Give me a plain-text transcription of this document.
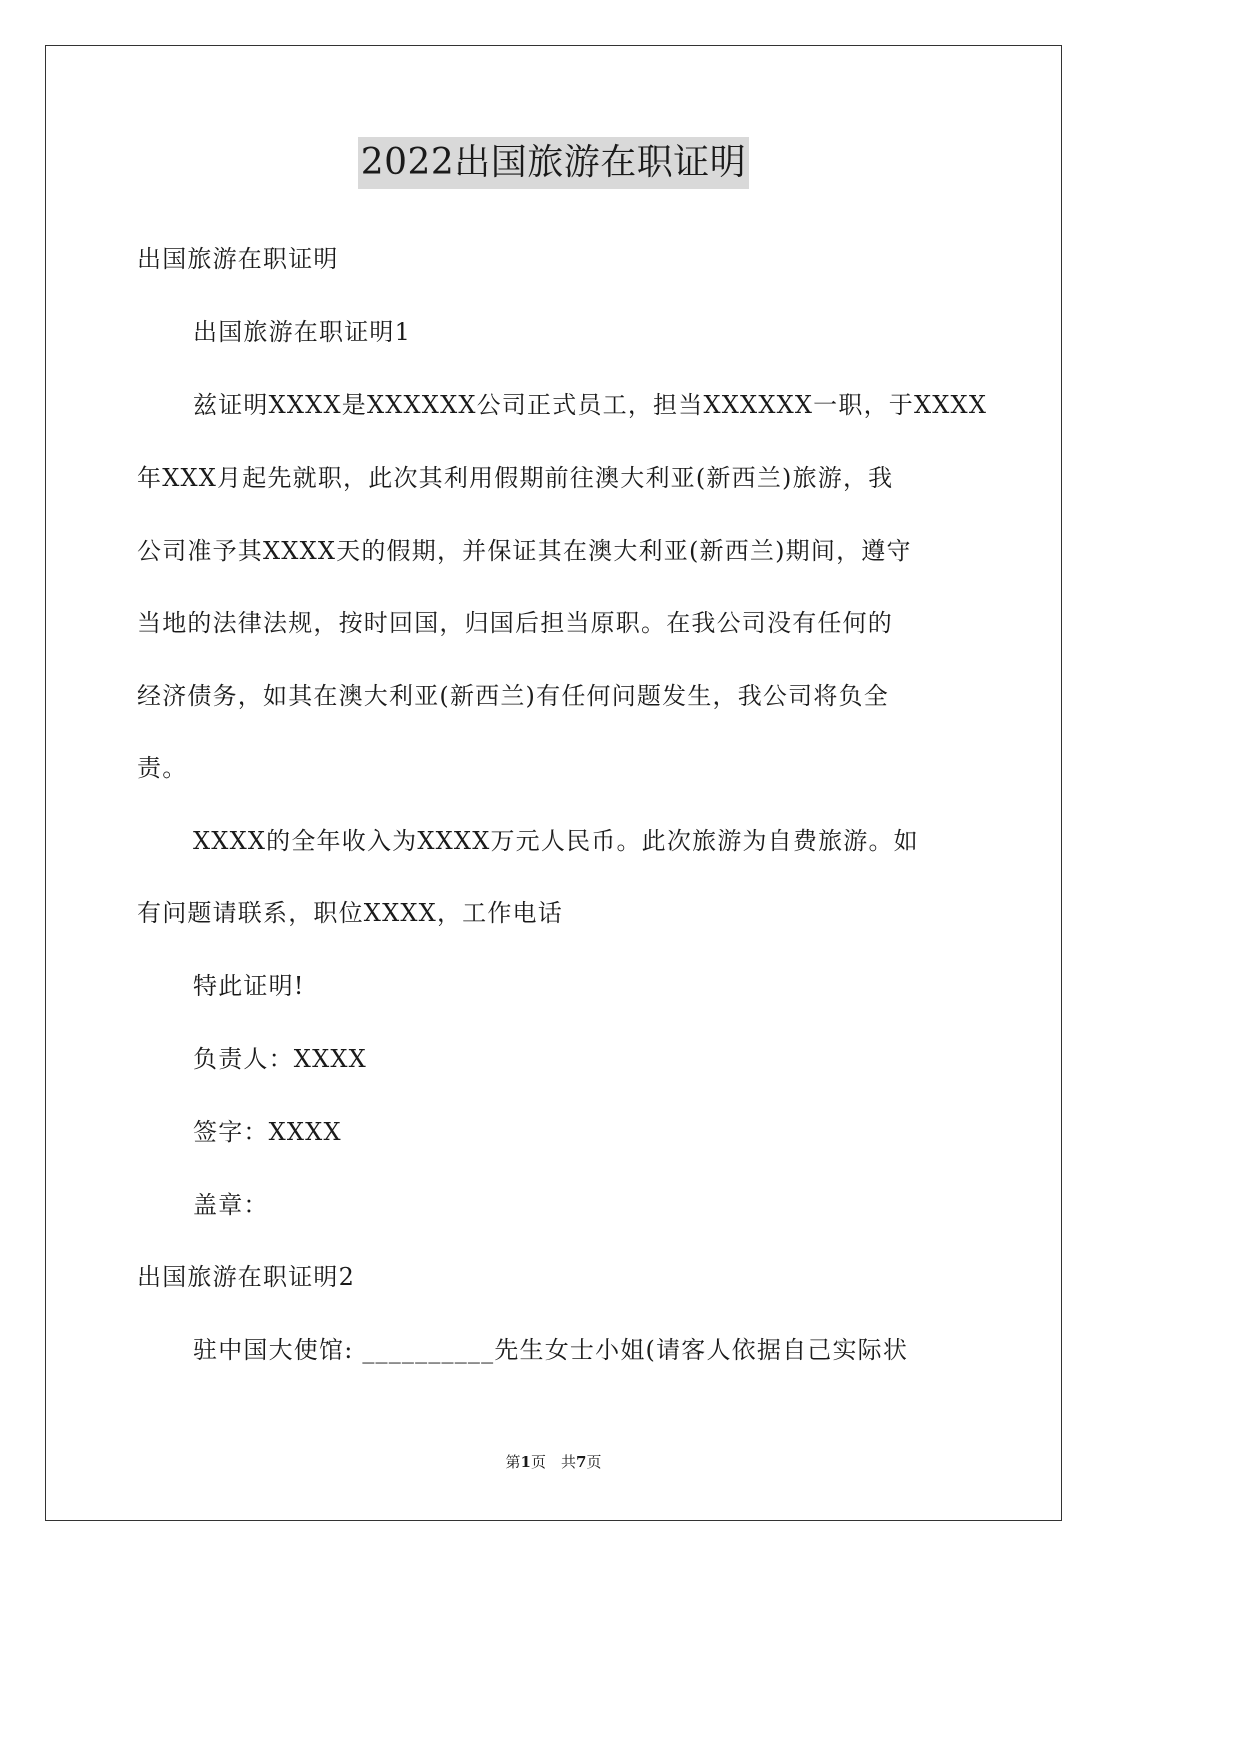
2022出国旅游在职证明
出国旅游在职证明
出国旅游在职证明1
兹证明XXXX是XXXXXX公司正式员工，担当XXXXXX一职，于XXXX
年XXX月起先就职，此次其利用假期前往澳大利亚(新西兰)旅游，我
公司准予其XXXX天的假期，并保证其在澳大利亚(新西兰)期间，遵守
当地的法律法规，按时回国，归国后担当原职。在我公司没有任何的
经济债务，如其在澳大利亚(新西兰)有任何问题发生，我公司将负全
责。
XXXX的全年收入为XXXX万元人民币。此次旅游为自费旅游。如
有问题请联系，职位XXXX，工作电话
特此证明!
负责人：XXXX
签字：XXXX
盖章：
出国旅游在职证明2
驻中国大使馆: __________先生女士小姐(请客人依据自己实际状
第1页　共7页
